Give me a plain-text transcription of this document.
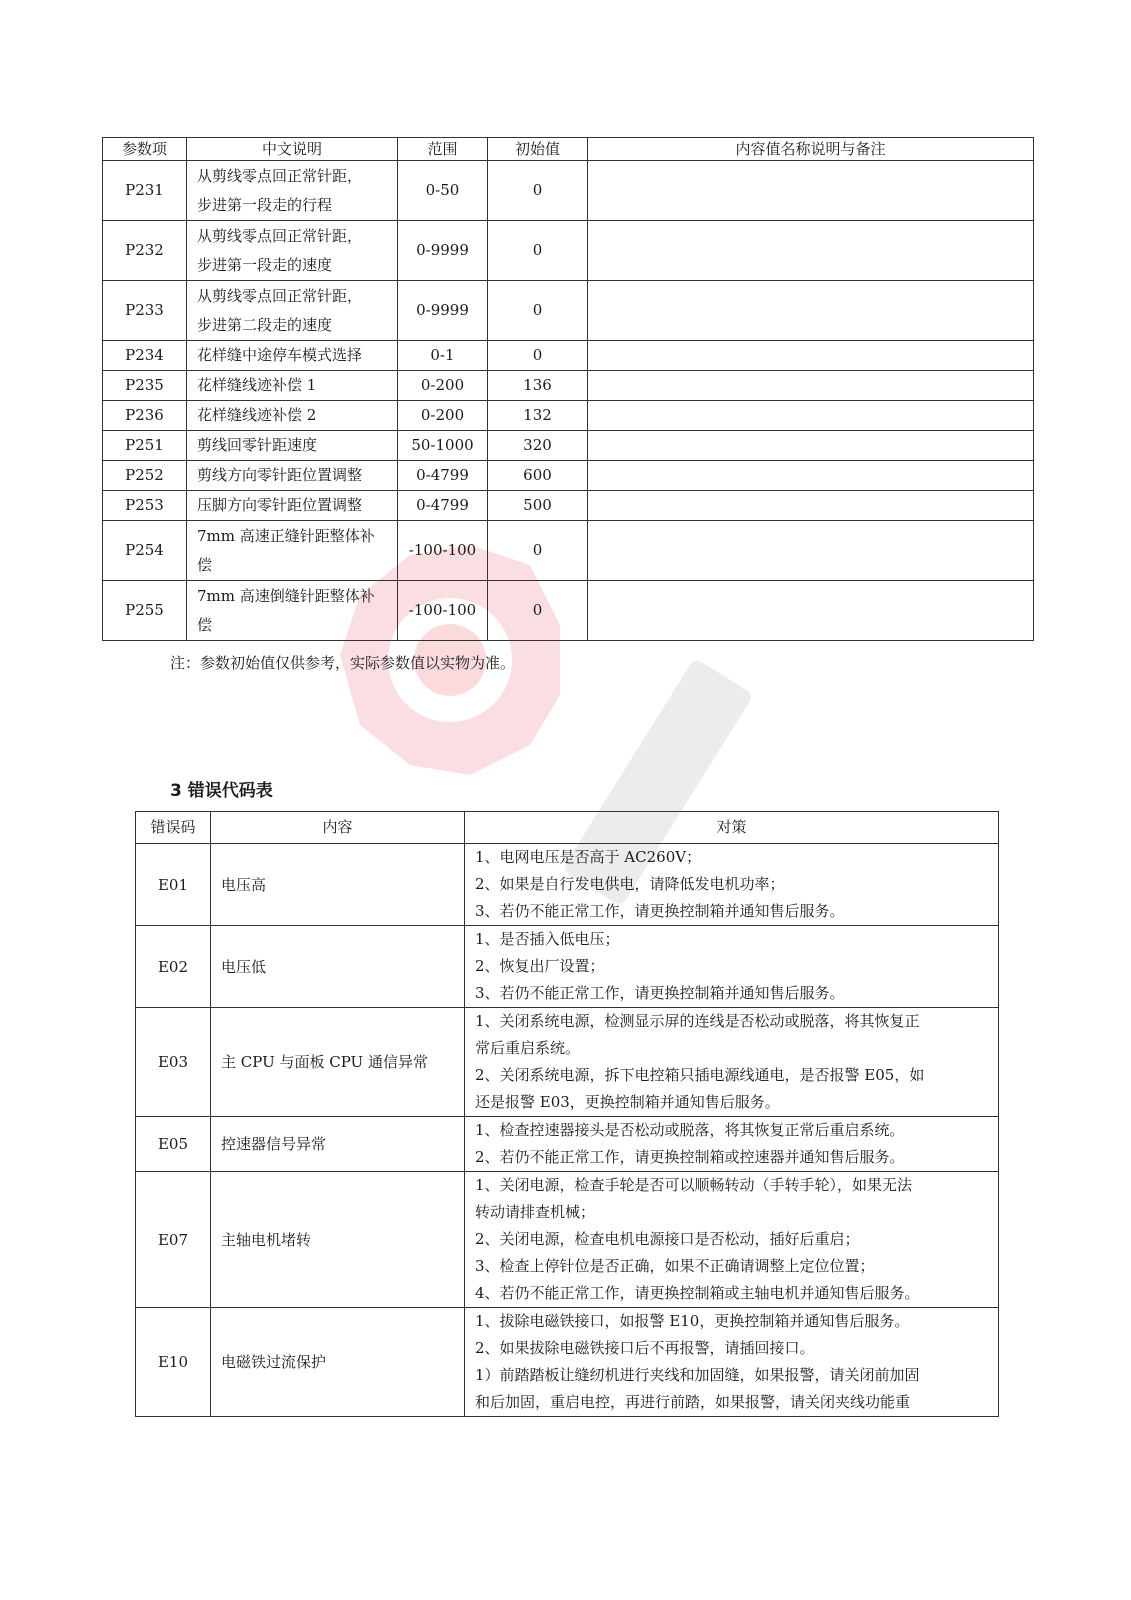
参数项	中文说明	范围	初始值	内容值名称说明与备注
P231	从剪线零点回正常针距，
步进第一段走的行程	0-50	0	
P232	从剪线零点回正常针距，
步进第一段走的速度	0-9999	0	
P233	从剪线零点回正常针距，
步进第二段走的速度	0-9999	0	
P234	花样缝中途停车模式选择	0-1	0	
P235	花样缝线迹补偿 1	0-200	136	
P236	花样缝线迹补偿 2	0-200	132	
P251	剪线回零针距速度	50-1000	320	
P252	剪线方向零针距位置调整	0-4799	600	
P253	压脚方向零针距位置调整	0-4799	500	
P254	7mm 高速正缝针距整体补
偿	-100-100	0	
P255	7mm 高速倒缝针距整体补
偿	-100-100	0	
注：参数初始值仅供参考，实际参数值以实物为准。
3 错误代码表
错误码	内容	对策
E01	电压高	1、电网电压是否高于 AC260V；
2、如果是自行发电供电，请降低发电机功率；
3、若仍不能正常工作，请更换控制箱并通知售后服务。

E02	电压低	1、是否插入低电压；
2、恢复出厂设置；
3、若仍不能正常工作，请更换控制箱并通知售后服务。

E03	主 CPU 与面板 CPU 通信异常	1、关闭系统电源，检测显示屏的连线是否松动或脱落，将其恢复正
常后重启系统。
2、关闭系统电源，拆下电控箱只插电源线通电，是否报警 E05，如
还是报警 E03，更换控制箱并通知售后服务。

E05	控速器信号异常	1、检查控速器接头是否松动或脱落，将其恢复正常后重启系统。
2、若仍不能正常工作，请更换控制箱或控速器并通知售后服务。

E07	主轴电机堵转	1、关闭电源，检查手轮是否可以顺畅转动（手转手轮），如果无法
转动请排查机械；
2、关闭电源，检查电机电源接口是否松动，插好后重启；
3、检查上停针位是否正确，如果不正确请调整上定位位置；
4、若仍不能正常工作，请更换控制箱或主轴电机并通知售后服务。

E10	电磁铁过流保护	1、拔除电磁铁接口，如报警 E10，更换控制箱并通知售后服务。
2、如果拔除电磁铁接口后不再报警，请插回接口。
1）前踏踏板让缝纫机进行夹线和加固缝，如果报警，请关闭前加固
和后加固，重启电控，再进行前踏，如果报警，请关闭夹线功能重
